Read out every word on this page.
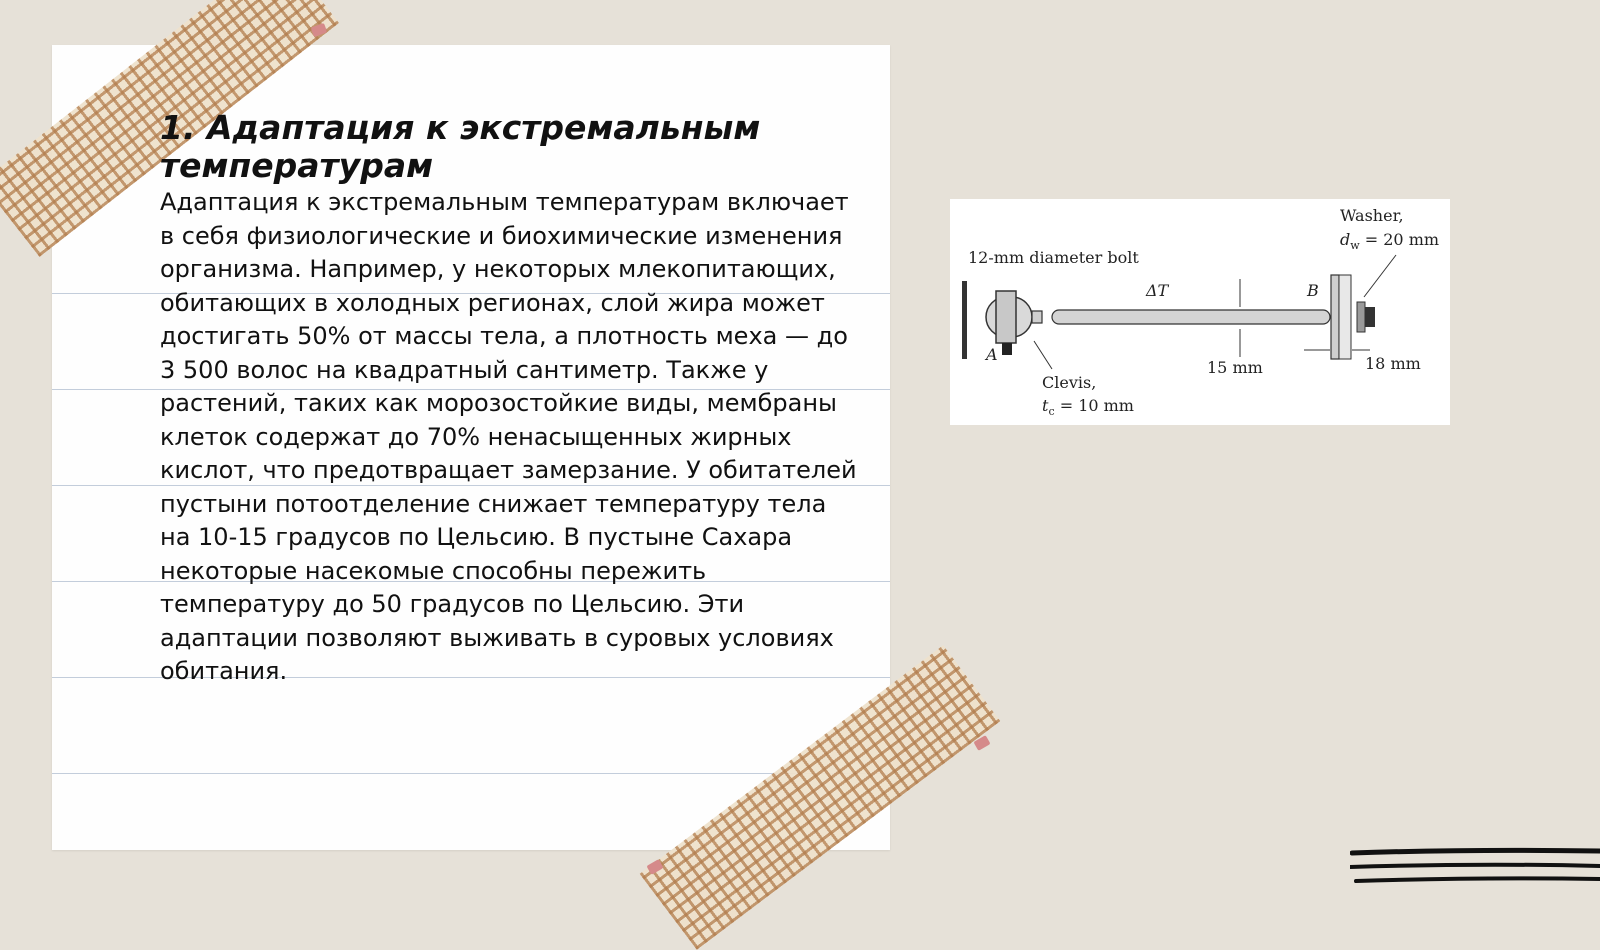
1. Адаптация к экстремальным температурам

Адаптация к экстремальным температурам включает в себя физиологические и биохимические изменения организма. Например, у некоторых млекопитающих, обитающих в холодных регионах, слой жира может достигать 50% от массы тела, а плотность меха — до 3 500 волос на квадратный сантиметр. Также у растений, таких как морозостойкие виды, мембраны клеток содержат до 70% ненасыщенных жирных кислот, что предотвращает замерзание. У обитателей пустыни потоотделение снижает температуру тела на 10-15 градусов по Цельсию. В пустыне Сахара некоторые насекомые способны пережить температуру до 50 градусов по Цельсию. Эти адаптации позволяют выживать в суровых условиях обитания.

12-mm diameter bolt
Washer,
$d_w = 20$ mm
ΔT	B
A
15 mm	18 mm
Clevis,
$t_c = 10$ mm
